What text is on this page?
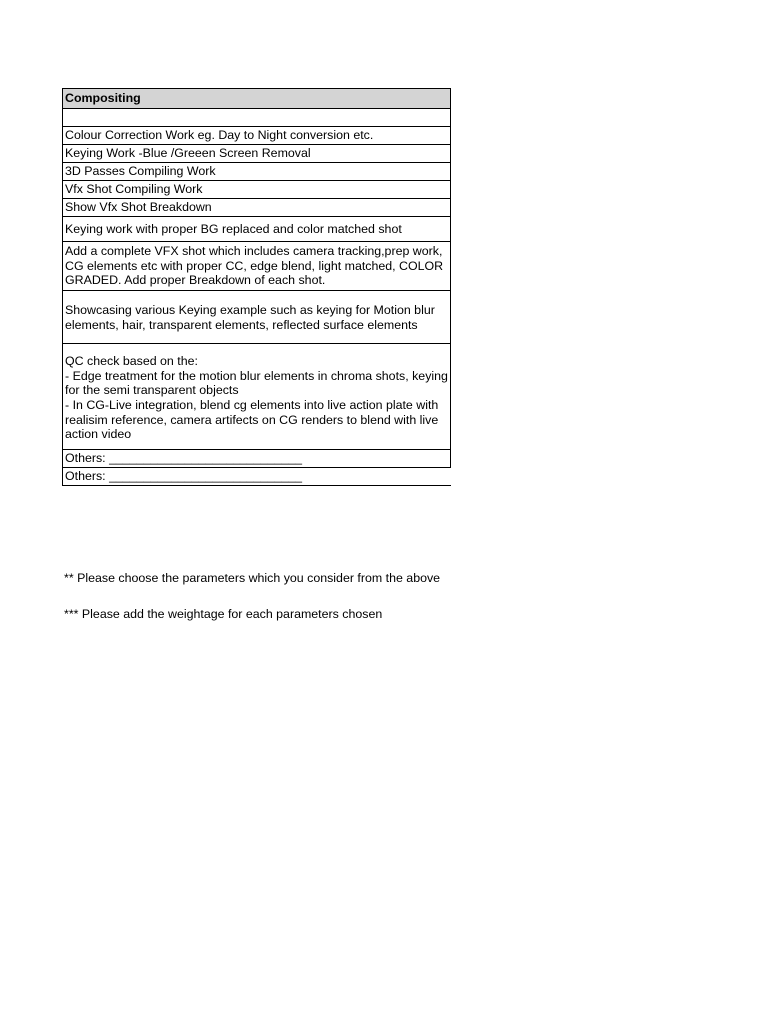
Compositing

Colour Correction Work eg. Day to Night conversion etc.
Keying Work -Blue /Greeen Screen Removal
3D Passes Compiling Work
Vfx Shot Compiling Work
Show Vfx Shot Breakdown
Keying work with proper BG replaced and color matched shot
Add a complete VFX shot which includes camera tracking,prep work, CG elements etc with proper CC, edge blend, light matched, COLOR GRADED. Add proper Breakdown of each shot.
Showcasing various Keying example such as keying for Motion blur elements, hair, transparent elements, reflected surface elements
QC check based on the:
- Edge treatment for the motion blur elements in chroma shots, keying for the semi transparent objects
- In CG-Live integration, blend cg elements into live action plate with realisim reference, camera artifects on CG renders to blend with live action video
Others: ____________________________
Others: ____________________________
** Please choose the parameters which you consider from the above
*** Please add the weightage for each parameters chosen
